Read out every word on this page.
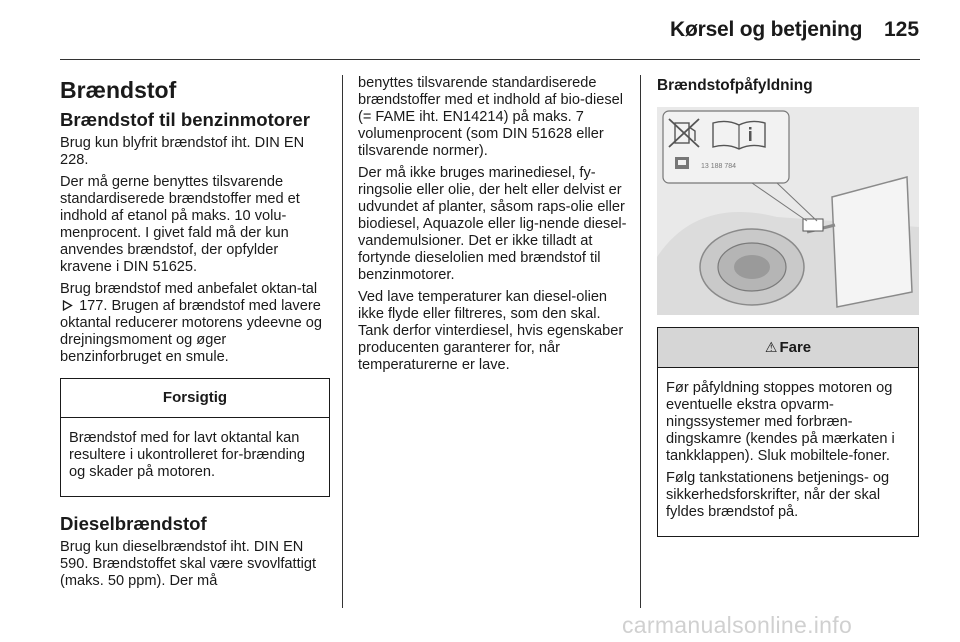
Kørsel og betjening 125
Brændstof
Brændstof til benzinmotorer

Brug kun blyfrit brændstof iht. DIN EN 228.

Der må gerne benyttes tilsvarende standardiserede brændstoffer med et indhold af etanol på maks. 10 volu-menprocent. I givet fald må der kun anvendes brændstof, der opfylder kravene i DIN 51625.

Brug brændstof med anbefalet oktan-tal  177. Brugen af brændstof med lavere oktantal reducerer motorens ydeevne og drejningsmoment og øger benzinforbruget en smule.

Forsigtig

Brændstof med for lavt oktantal kan resultere i ukontrolleret for-brænding og skader på motoren.

Dieselbrændstof

Brug kun dieselbrændstof iht. DIN EN 590. Brændstoffet skal være svovlfattigt (maks. 50 ppm). Der må

benyttes tilsvarende standardiserede brændstoffer med et indhold af bio-diesel (= FAME iht. EN14214) på maks. 7 volumenprocent (som DIN 51628 eller tilsvarende normer).

Der må ikke bruges marinediesel, fy-ringsolie eller olie, der helt eller delvist er udvundet af planter, såsom raps-olie eller biodiesel, Aquazole eller lig-nende diesel-vandemulsioner. Det er ikke tilladt at fortynde dieselolien med brændstof til benzinmotorer.

Ved lave temperaturer kan diesel-olien ikke flyde eller filtreres, som den skal. Tank derfor vinterdiesel, hvis egenskaber producenten garanterer for, når temperaturerne er lave.

Brændstofpåfyldning
13 188 784
⚠ Fare

Før påfyldning stoppes motoren og eventuelle ekstra opvarm-ningssystemer med forbræn-dingskamre (kendes på mærkaten i tankklappen). Sluk mobiltele-foner.

Følg tankstationens betjenings- og sikkerhedsforskrifter, når der skal fyldes brændstof på.

carmanualsonline.info
